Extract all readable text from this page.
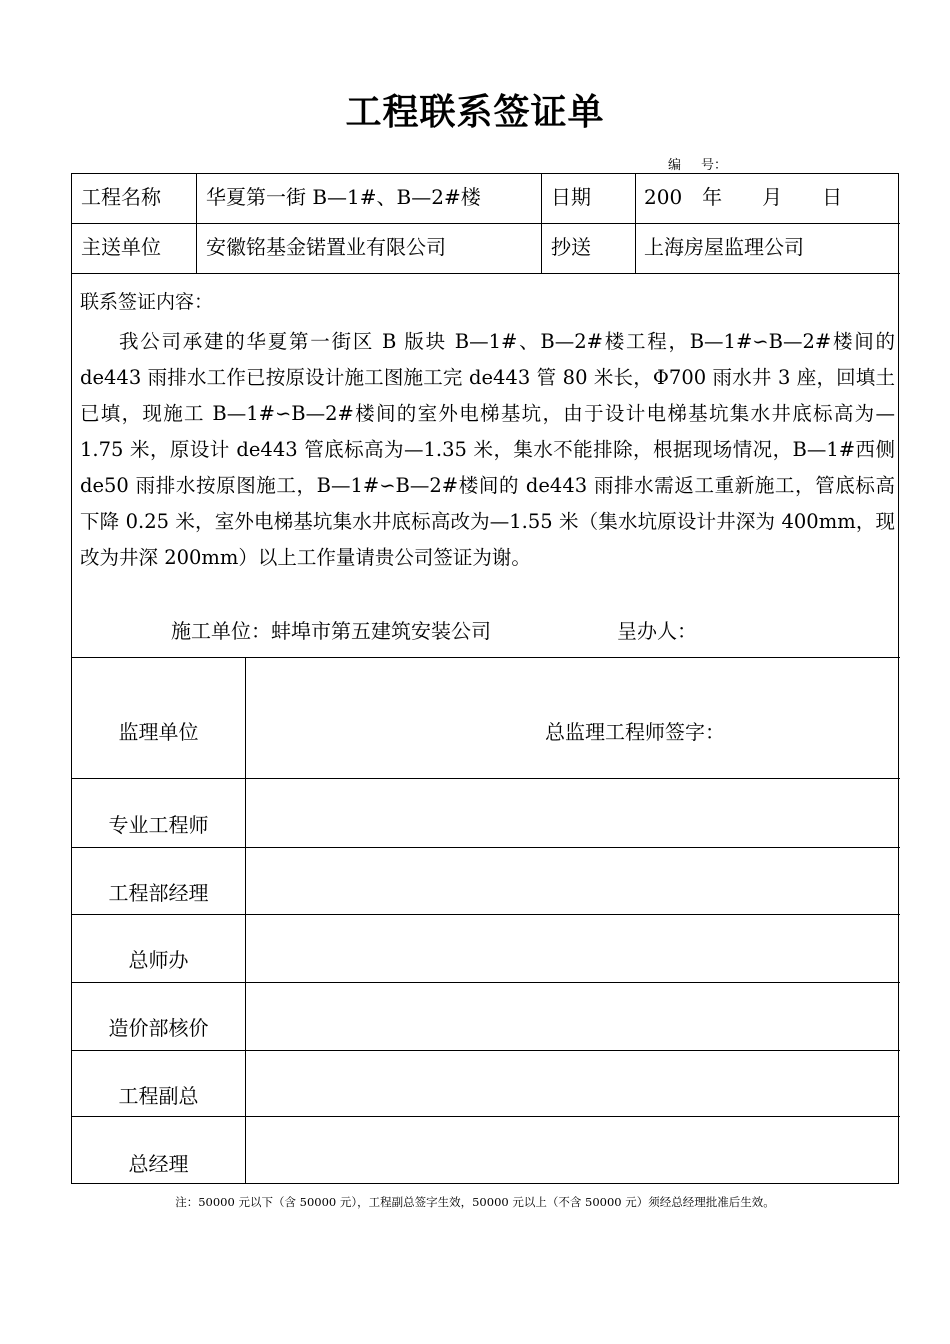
工程联系签证单
编 号：
工程名称 华夏第一街 B—1#、B—2#楼	日期	200　年　　月　　日
主送单位 安徽铭基金锘置业有限公司	抄送	上海房屋监理公司
联系签证内容：
我公司承建的华夏第一街区 B 版块 B—1#、B—2#楼工程，B—1#∽B—2#楼间的 de443 雨排水工作已按原设计施工图施工完 de443 管 80 米长，Φ700 雨水井 3 座，回填土已填，现施工 B—1#∽B—2#楼间的室外电梯基坑，由于设计电梯基坑集水井底标高为—1.75 米，原设计 de443 管底标高为—1.35 米，集水不能排除，根据现场情况，B—1#西侧 de50 雨排水按原图施工，B—1#∽B—2#楼间的 de443 雨排水需返工重新施工，管底标高下降 0.25 米，室外电梯基坑集水井底标高改为—1.55 米（集水坑原设计井深为 400mm，现改为井深 200mm）以上工作量请贵公司签证为谢。
施工单位：蚌埠市第五建筑安装公司	呈办人：
监理单位	总监理工程师签字：
专业工程师
工程部经理
总师办
造价部核价
工程副总
总经理
注：50000 元以下（含 50000 元），工程副总签字生效，50000 元以上（不含 50000 元）须经总经理批准后生效。
